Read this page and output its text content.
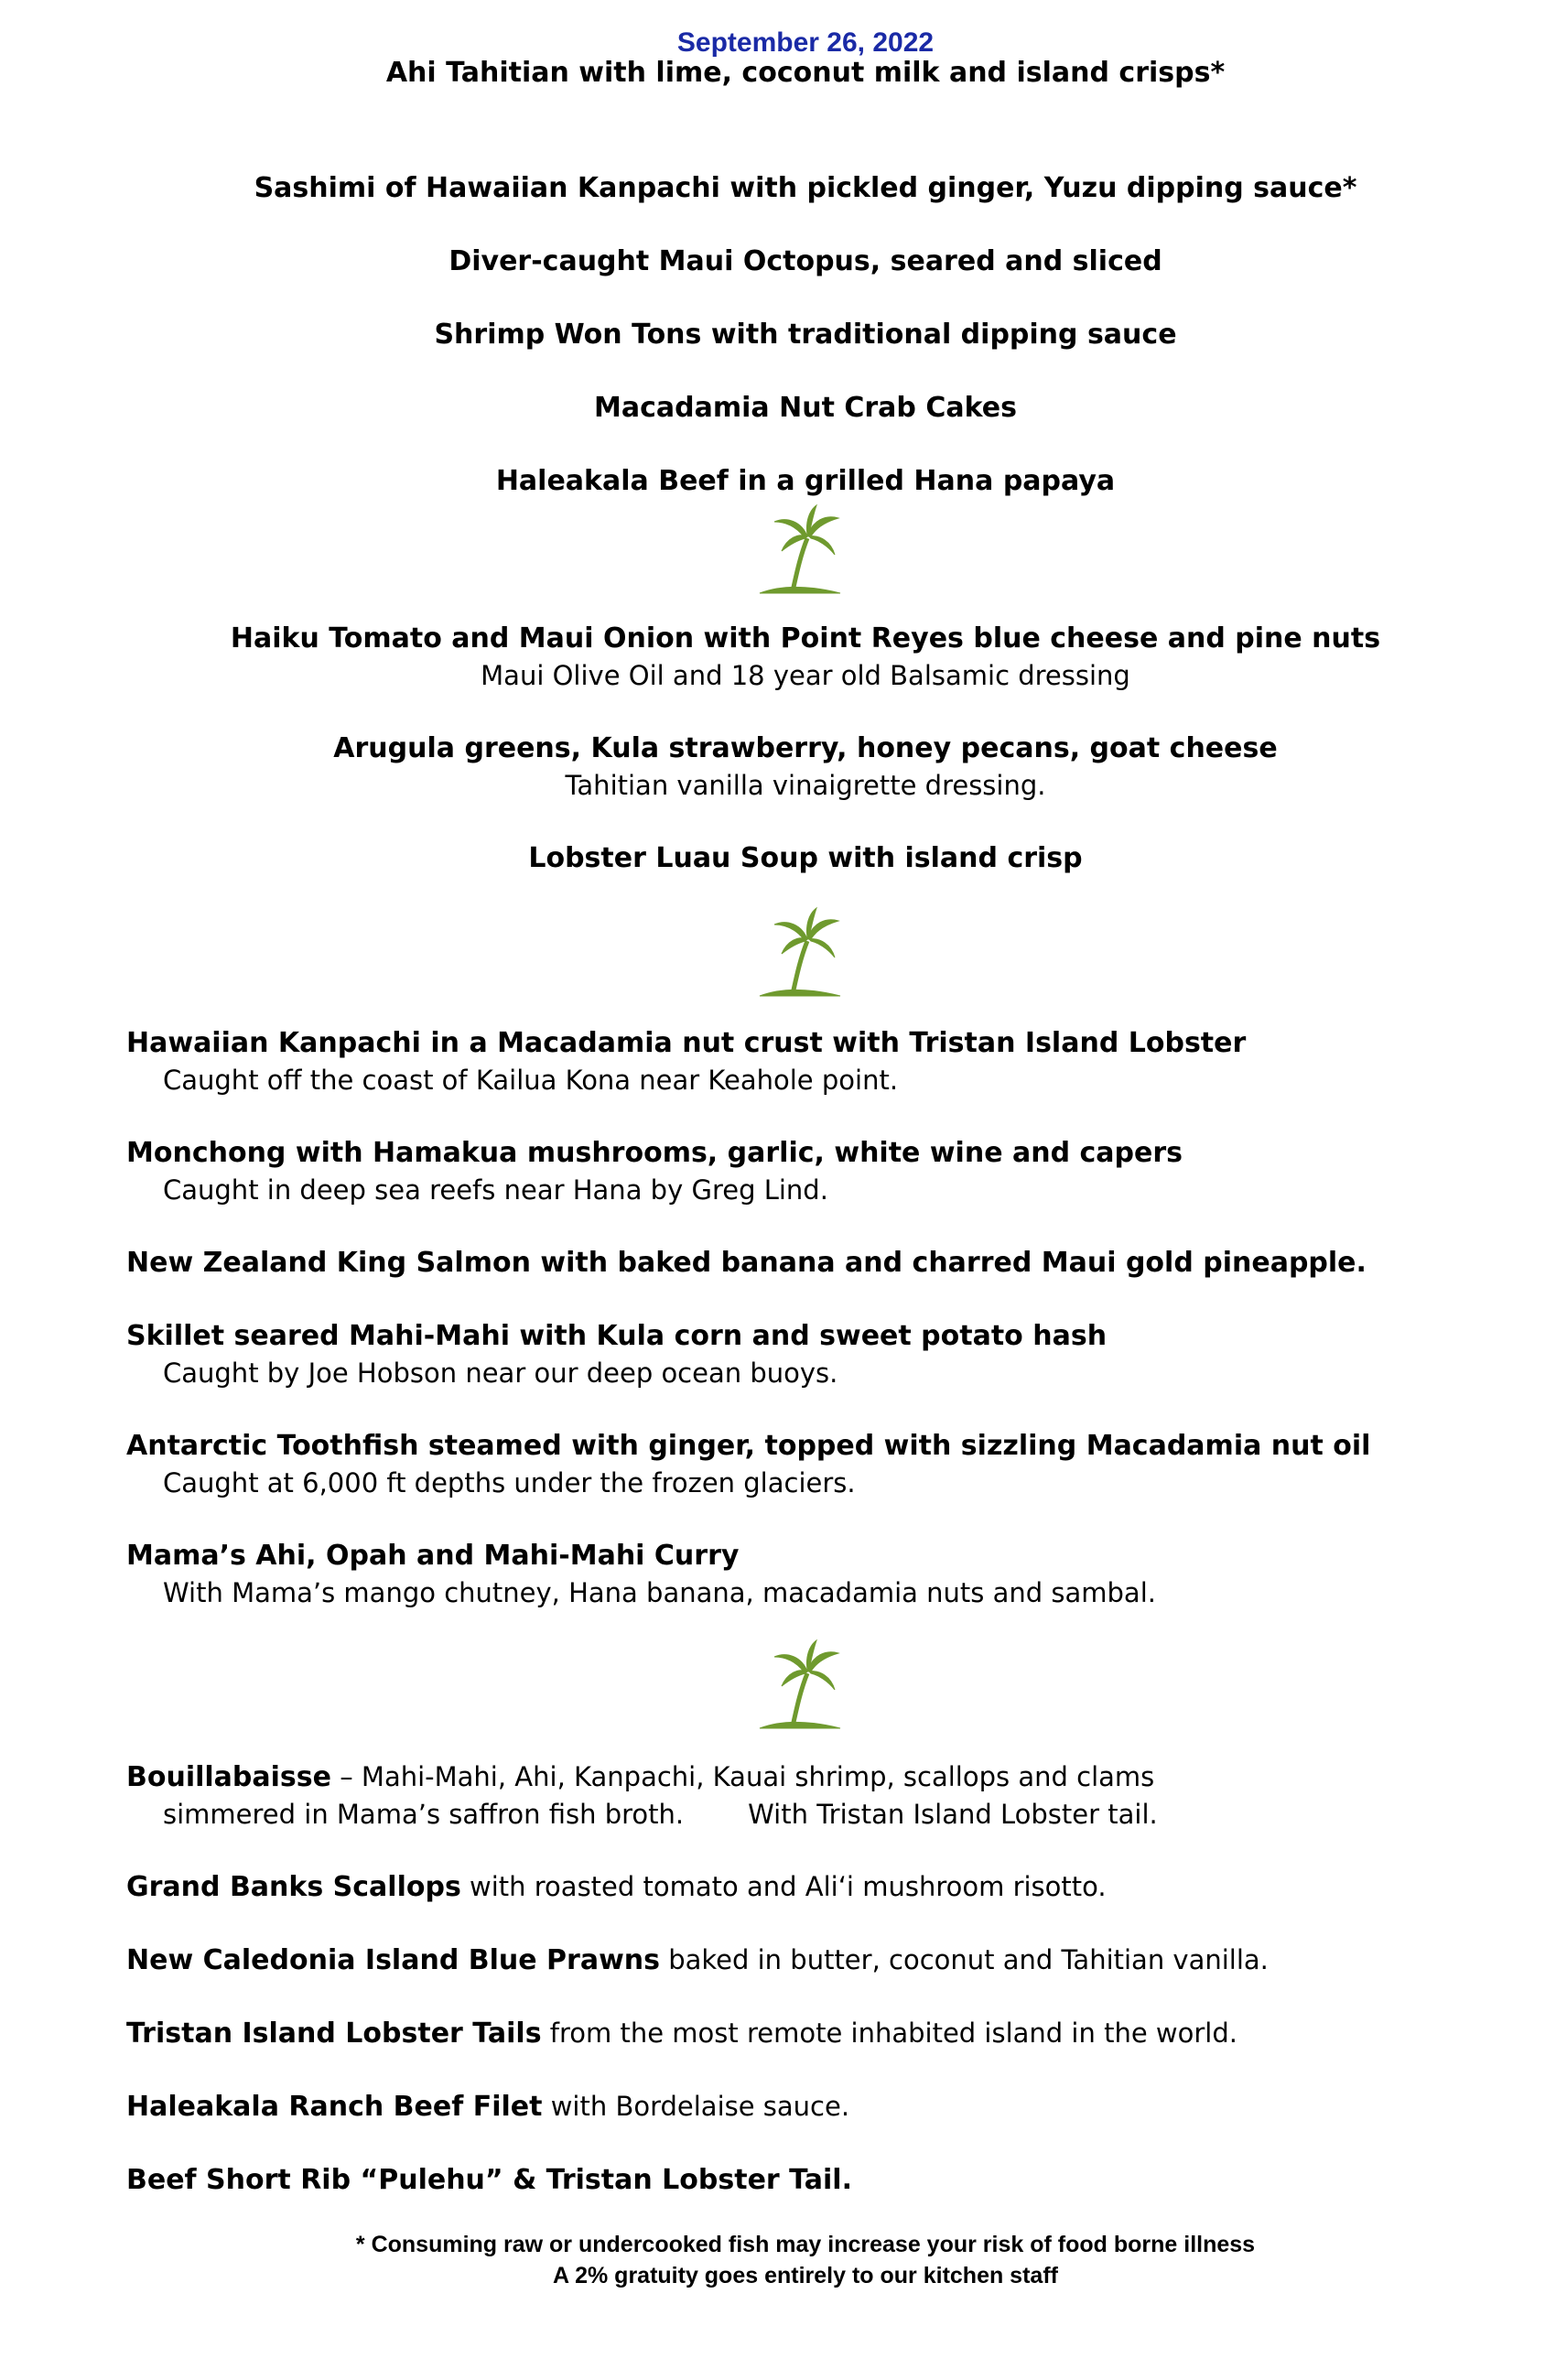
September 26, 2022
Ahi Tahitian with lime, coconut milk and island crisps*
Sashimi of Hawaiian Kanpachi with pickled ginger, Yuzu dipping sauce*
Diver-caught Maui Octopus, seared and sliced
Shrimp Won Tons with traditional dipping sauce
Macadamia Nut Crab Cakes
Haleakala Beef in a grilled Hana papaya
Haiku Tomato and Maui Onion with Point Reyes blue cheese and pine nuts
Maui Olive Oil and 18 year old Balsamic dressing
Arugula greens, Kula strawberry, honey pecans, goat cheese
Tahitian vanilla vinaigrette dressing.
Lobster Luau Soup with island crisp
Hawaiian Kanpachi in a Macadamia nut crust with Tristan Island Lobster
Caught off the coast of Kailua Kona near Keahole point.
Monchong with Hamakua mushrooms, garlic, white wine and capers
Caught in deep sea reefs near Hana by Greg Lind.
New Zealand King Salmon with baked banana and charred Maui gold pineapple.
Skillet seared Mahi-Mahi with Kula corn and sweet potato hash
Caught by Joe Hobson near our deep ocean buoys.
Antarctic Toothfish steamed with ginger, topped with sizzling Macadamia nut oil
Caught at 6,000 ft depths under the frozen glaciers.
Mama’s Ahi, Opah and Mahi-Mahi Curry
With Mama’s mango chutney, Hana banana, macadamia nuts and sambal.
Bouillabaisse – Mahi-Mahi, Ahi, Kanpachi, Kauai shrimp, scallops and clams
simmered in Mama’s saffron fish broth. With Tristan Island Lobster tail.
Grand Banks Scallops with roasted tomato and Ali‘i mushroom risotto.
New Caledonia Island Blue Prawns baked in butter, coconut and Tahitian vanilla.
Tristan Island Lobster Tails from the most remote inhabited island in the world.
Haleakala Ranch Beef Filet with Bordelaise sauce.
Beef Short Rib “Pulehu” & Tristan Lobster Tail.
* Consuming raw or undercooked fish may increase your risk of food borne illness
A 2% gratuity goes entirely to our kitchen staff
